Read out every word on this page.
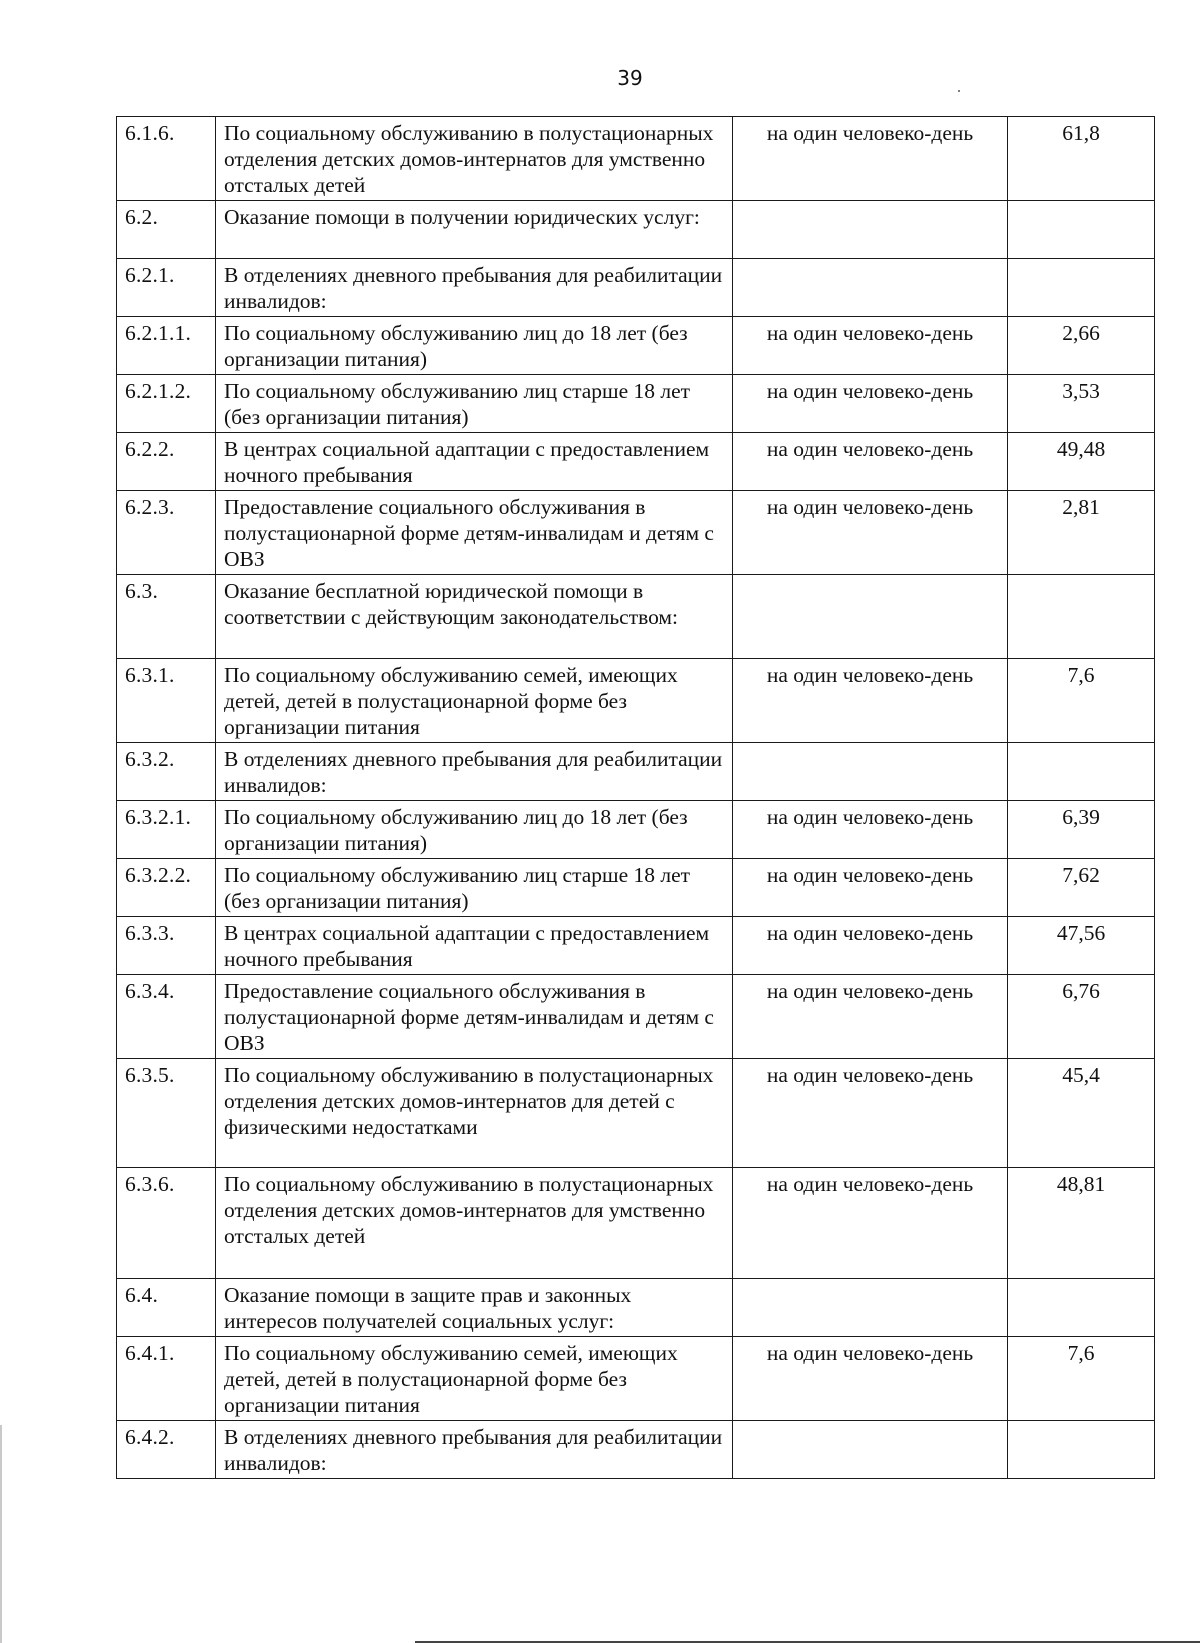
39
6.1.6.	По социальному обслуживанию в полустационарных отделения детских домов-интернатов для умственно отсталых детей	на один человеко-день	61,8
6.2.	Оказание помощи в получении юридических услуг:		
6.2.1.	В отделениях дневного пребывания для реабилитации инвалидов:		
6.2.1.1.	По социальному обслуживанию лиц до 18 лет (без организации питания)	на один человеко-день	2,66
6.2.1.2.	По социальному обслуживанию лиц старше 18 лет (без организации питания)	на один человеко-день	3,53
6.2.2.	В центрах социальной адаптации с предоставлением ночного пребывания	на один человеко-день	49,48
6.2.3.	Предоставление социального обслуживания в полустационарной форме детям-инвалидам и детям с ОВЗ	на один человеко-день	2,81
6.3.	Оказание бесплатной юридической помощи в соответствии с действующим законодательством:		
6.3.1.	По социальному обслуживанию семей, имеющих детей, детей в полустационарной форме без организации питания	на один человеко-день	7,6
6.3.2.	В отделениях дневного пребывания для реабилитации инвалидов:		
6.3.2.1.	По социальному обслуживанию лиц до 18 лет (без организации питания)	на один человеко-день	6,39
6.3.2.2.	По социальному обслуживанию лиц старше 18 лет (без организации питания)	на один человеко-день	7,62
6.3.3.	В центрах социальной адаптации с предоставлением ночного пребывания	на один человеко-день	47,56
6.3.4.	Предоставление социального обслуживания в полустационарной форме детям-инвалидам и детям с ОВЗ	на один человеко-день	6,76
6.3.5.	По социальному обслуживанию в полустационарных отделения детских домов-интернатов для детей с физическими недостатками	на один человеко-день	45,4
6.3.6.	По социальному обслуживанию в полустационарных отделения детских домов-интернатов для умственно отсталых детей	на один человеко-день	48,81
6.4.	Оказание помощи в защите прав и законных интересов получателей социальных услуг:		
6.4.1.	По социальному обслуживанию семей, имеющих детей, детей в полустационарной форме без организации питания	на один человеко-день	7,6
6.4.2.	В отделениях дневного пребывания для реабилитации инвалидов:		
